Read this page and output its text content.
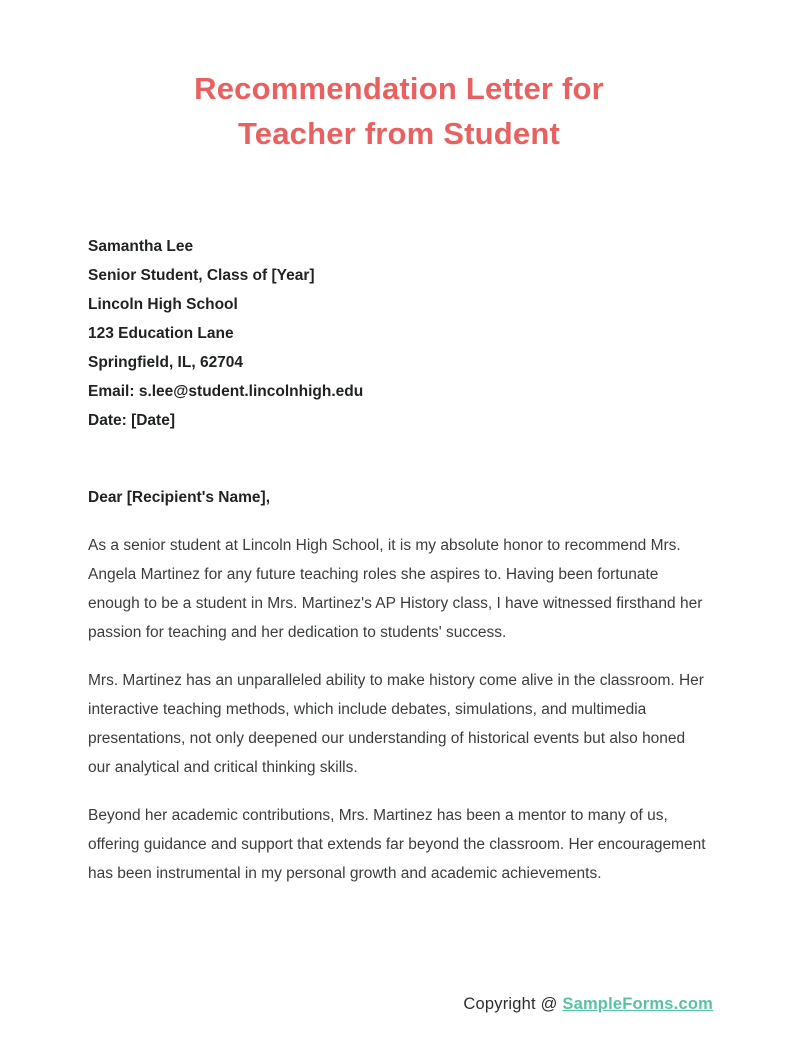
Recommendation Letter for
Teacher from Student
Samantha Lee
Senior Student, Class of [Year]
Lincoln High School
123 Education Lane
Springfield, IL, 62704
Email: s.lee@student.lincolnhigh.edu
Date: [Date]
Dear [Recipient's Name],

As a senior student at Lincoln High School, it is my absolute honor to recommend Mrs. Angela Martinez for any future teaching roles she aspires to. Having been fortunate enough to be a student in Mrs. Martinez's AP History class, I have witnessed firsthand her passion for teaching and her dedication to students' success.

Mrs. Martinez has an unparalleled ability to make history come alive in the classroom. Her interactive teaching methods, which include debates, simulations, and multimedia presentations, not only deepened our understanding of historical events but also honed our analytical and critical thinking skills.

Beyond her academic contributions, Mrs. Martinez has been a mentor to many of us, offering guidance and support that extends far beyond the classroom. Her encouragement has been instrumental in my personal growth and academic achievements.

Copyright @ SampleForms.com
